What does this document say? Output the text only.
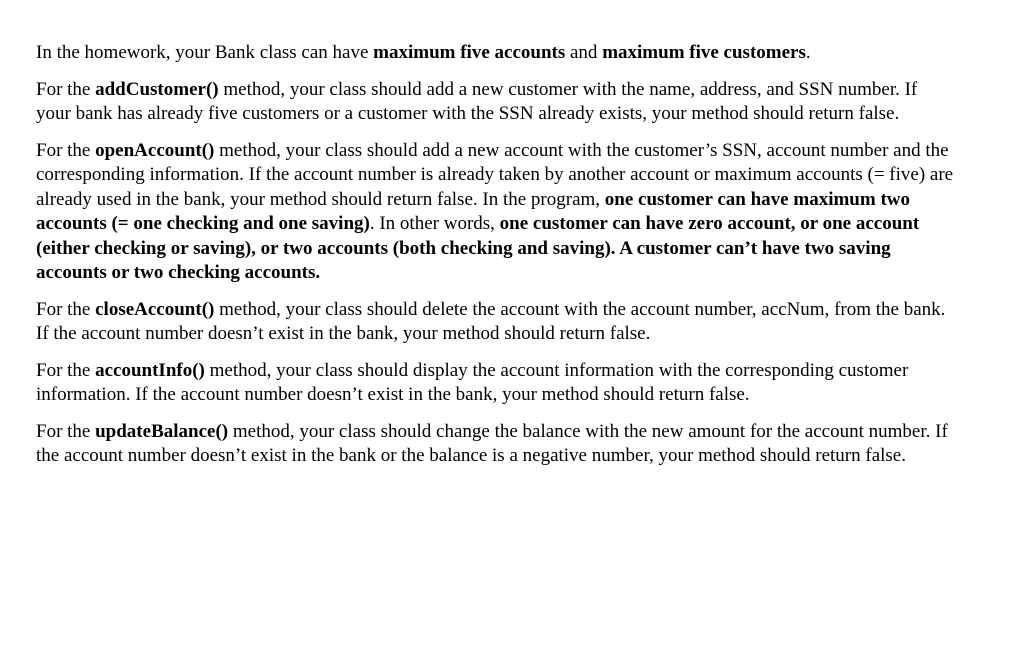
In the homework, your Bank class can have maximum five accounts and maximum five customers.

For the addCustomer() method, your class should add a new customer with the name, address, and SSN number. If your bank has already five customers or a customer with the SSN already exists, your method should return false.

For the openAccount() method, your class should add a new account with the customer’s SSN, account number and the corresponding information. If the account number is already taken by another account or maximum accounts (= five) are already used in the bank, your method should return false. In the program, one customer can have maximum two accounts (= one checking and one saving). In other words, one customer can have zero account, or one account (either checking or saving), or two accounts (both checking and saving). A customer can’t have two saving accounts or two checking accounts.

For the closeAccount() method, your class should delete the account with the account number, accNum, from the bank. If the account number doesn’t exist in the bank, your method should return false.

For the accountInfo() method, your class should display the account information with the corresponding customer information. If the account number doesn’t exist in the bank, your method should return false.

For the updateBalance() method, your class should change the balance with the new amount for the account number. If the account number doesn’t exist in the bank or the balance is a negative number, your method should return false.
